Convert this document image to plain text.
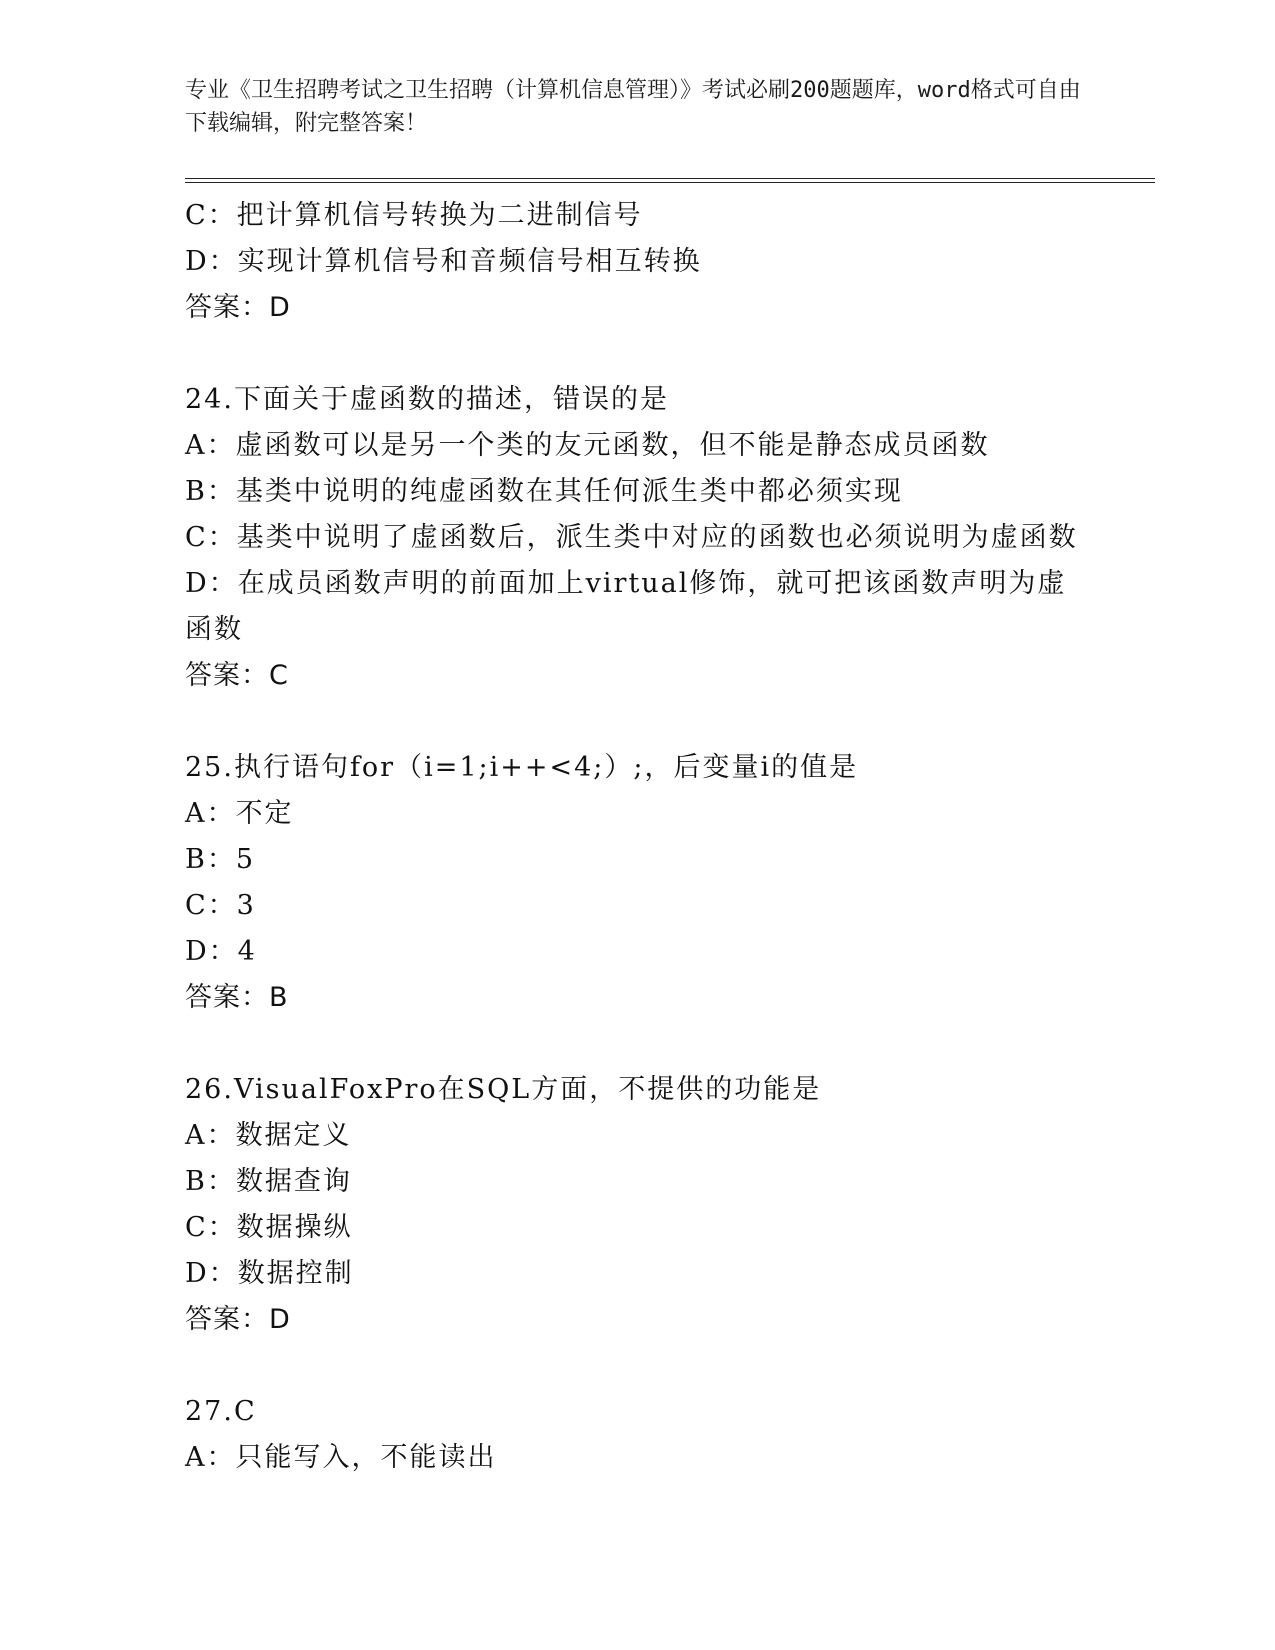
专业《卫生招聘考试之卫生招聘（计算机信息管理）》考试必刷200题题库，word格式可自由下载编辑，附完整答案！
C：把计算机信号转换为二进制信号
D：实现计算机信号和音频信号相互转换
答案：D
24.下面关于虚函数的描述，错误的是
A：虚函数可以是另一个类的友元函数，但不能是静态成员函数
B：基类中说明的纯虚函数在其任何派生类中都必须实现
C：基类中说明了虚函数后，派生类中对应的函数也必须说明为虚函数
D：在成员函数声明的前面加上virtual修饰，就可把该函数声明为虚函数
答案：C
25.执行语句for（i=1;i++<4;）;，后变量i的值是
A：不定
B：5
C：3
D：4
答案：B
26.VisualFoxPro在SQL方面，不提供的功能是
A：数据定义
B：数据查询
C：数据操纵
D：数据控制
答案：D
27.C
A：只能写入，不能读出
